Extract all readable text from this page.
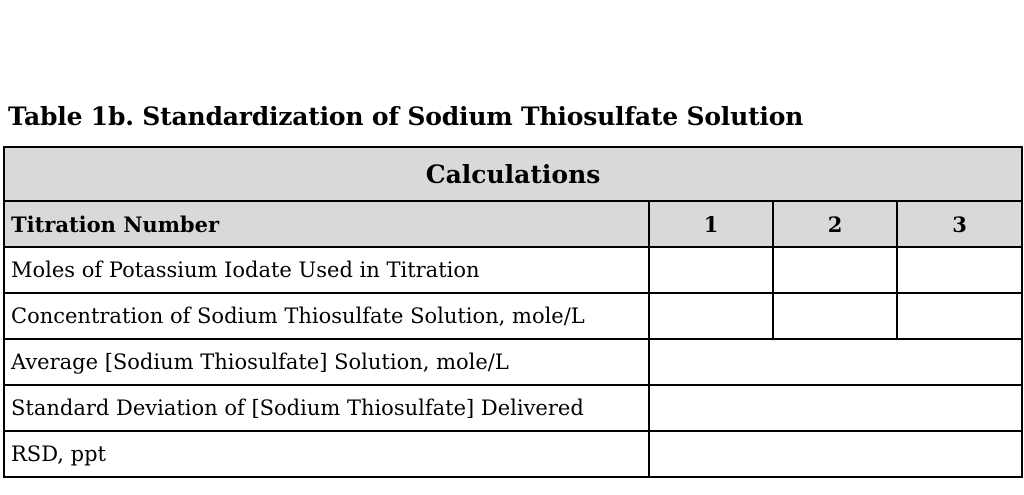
Table 1b. Standardization of Sodium Thiosulfate Solution
Calculations			
Titration Number	1	2	3
Moles of Potassium Iodate Used in Titration			
Concentration of Sodium Thiosulfate Solution, mole/L			
Average [Sodium Thiosulfate] Solution, mole/L			
Standard Deviation of [Sodium Thiosulfate] Delivered			
RSD, ppt			
